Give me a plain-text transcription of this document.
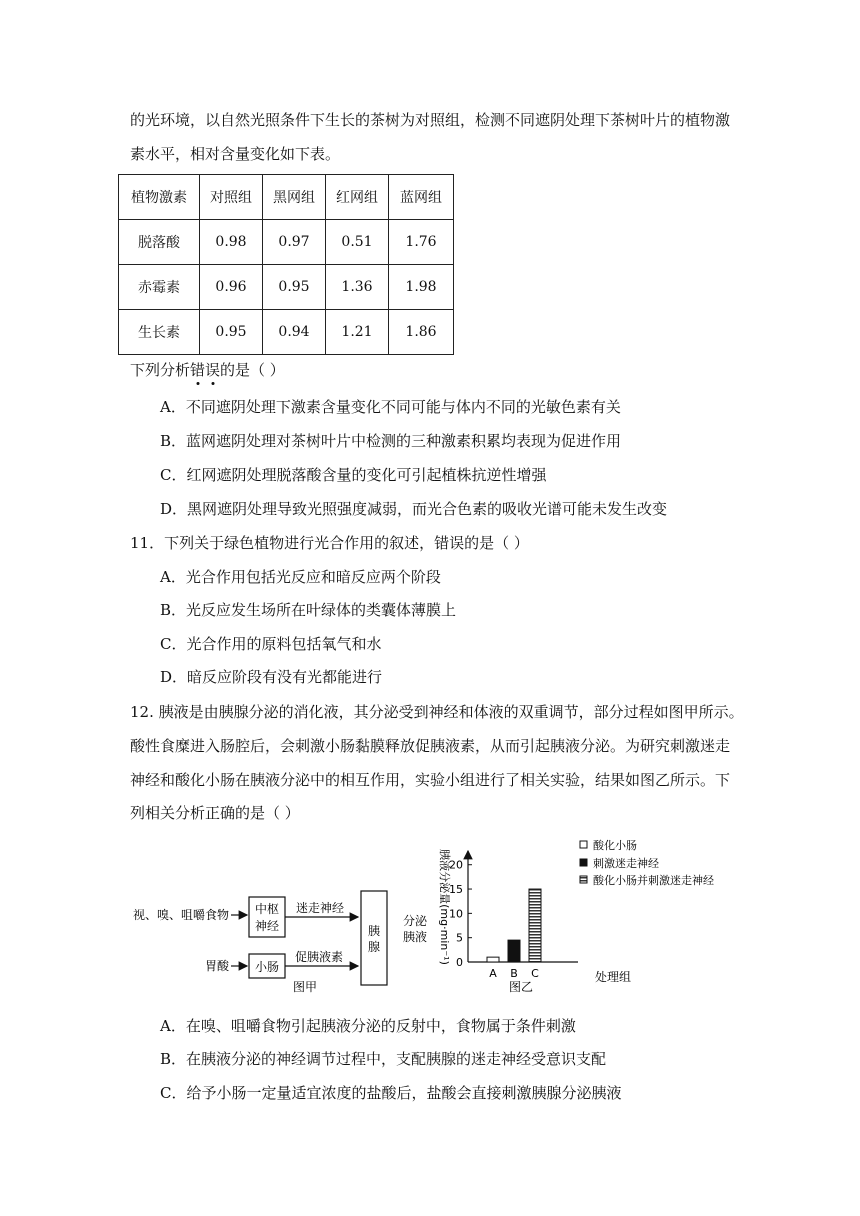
的光环境，以自然光照条件下生长的茶树为对照组，检测不同遮阴处理下茶树叶片的植物激
素水平，相对含量变化如下表。
植物激素	对照组	黑网组	红网组	蓝网组
脱落酸	0.98	0.97	0.51	1.76
赤霉素	0.96	0.95	1.36	1.98
生长素	0.95	0.94	1.21	1.86
下列分析错误
的是（ ）
A．不同遮阴处理下激素含量变化不同可能与体内不同的光敏色素有关
B．蓝网遮阴处理对茶树叶片中检测的三种激素积累均表现为促进作用
C．红网遮阴处理脱落酸含量的变化可引起植株抗逆性增强
D．黑网遮阴处理导致光照强度减弱，而光合色素的吸收光谱可能未发生改变
11．下列关于绿色植物进行光合作用的叙述，错误的是（ ）
A．光合作用包括光反应和暗反应两个阶段
B．光反应发生场所在叶绿体的类囊体薄膜上
C．光合作用的原料包括氧气和水
D．暗反应阶段有没有光都能进行
12. 胰液是由胰腺分泌的消化液，其分泌受到神经和体液的双重调节，部分过程如图甲所示。
酸性食糜进入肠腔后，会刺激小肠黏膜释放促胰液素，从而引起胰液分泌。为研究刺激迷走
神经和酸化小肠在胰液分泌中的相互作用，实验小组进行了相关实验，结果如图乙所示。下
列相关分析正确的是（ ）
视、嗅、咀嚼食物 中枢
神经
迷走神经
胃酸 小肠
促胰液素
胰
腺
分泌
胰液
图甲
胰液分泌量(mg·min⁻¹) 0
5
10
15
20
A B C	处理组
图乙
酸化小肠
刺激迷走神经
酸化小肠并刺激迷走神经
A．在嗅、咀嚼食物引起胰液分泌的反射中，食物属于条件刺激
B．在胰液分泌的神经调节过程中，支配胰腺的迷走神经受意识支配
C．给予小肠一定量适宜浓度的盐酸后，盐酸会直接刺激胰腺分泌胰液
